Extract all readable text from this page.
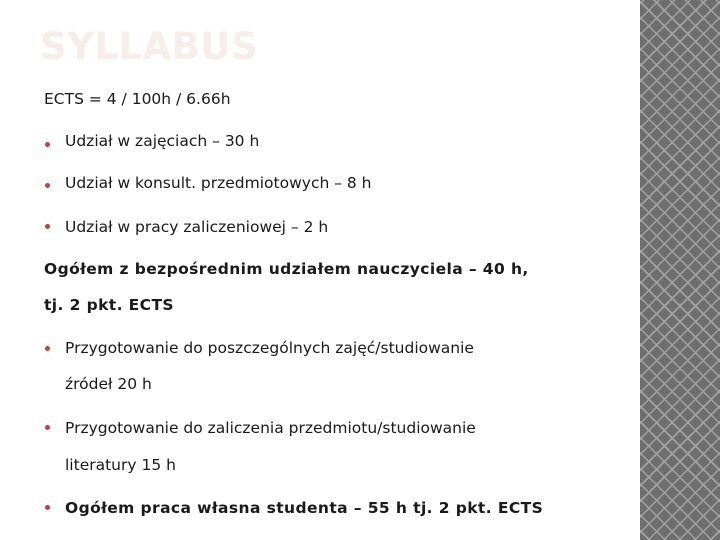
SYLLABUS
ECTS = 4 / 100h / 6.66h
Udział w zajęciach – 30 h
Udział w konsult. przedmiotowych – 8 h
Udział w pracy zaliczeniowej – 2 h
Ogółem z bezpośrednim udziałem nauczyciela – 40 h,
tj. 2 pkt. ECTS
Przygotowanie do poszczególnych zajęć/studiowanie
źródeł 20 h
Przygotowanie do zaliczenia przedmiotu/studiowanie
literatury 15 h
Ogółem praca własna studenta – 55 h tj. 2 pkt. ECTS
